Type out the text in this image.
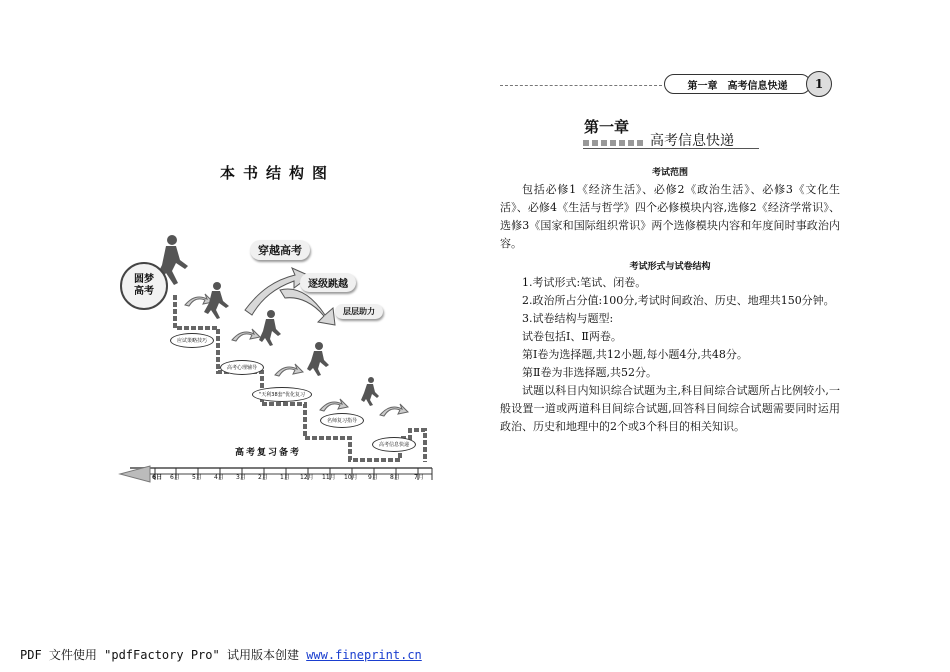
本书结构图
圆梦
高考
穿越高考
逐级跳越
层层助力
应试策略技巧
高考心理辅导
"天利38套"优化复习
名师复习指导
高考信息快递
高考复习备考
6日 6月 5月 4月 3月 2月 1月 12月 11月 10月 9月 8月 7月
第一章 高考信息快递	1
第一章
高考信息快递
考试范围
包括必修1《经济生活》、必修2《政治生活》、必修3《文化生活》、必修4《生活与哲学》四个必修模块内容,选修2《经济学常识》、选修3《国家和国际组织常识》两个选修模块内容和年度间时事政治内容。
考试形式与试卷结构
1.考试形式:笔试、闭卷。
2.政治所占分值:100分,考试时间政治、历史、地理共150分钟。
3.试卷结构与题型:
试卷包括Ⅰ、Ⅱ两卷。
第Ⅰ卷为选择题,共12小题,每小题4分,共48分。
第Ⅱ卷为非选择题,共52分。
试题以科目内知识综合试题为主,科目间综合试题所占比例较小,一般设置一道或两道科目间综合试题,回答科目间综合试题需要同时运用政治、历史和地理中的2个或3个科目的相关知识。
PDF 文件使用 "pdfFactory Pro" 试用版本创建 www.fineprint.cn
